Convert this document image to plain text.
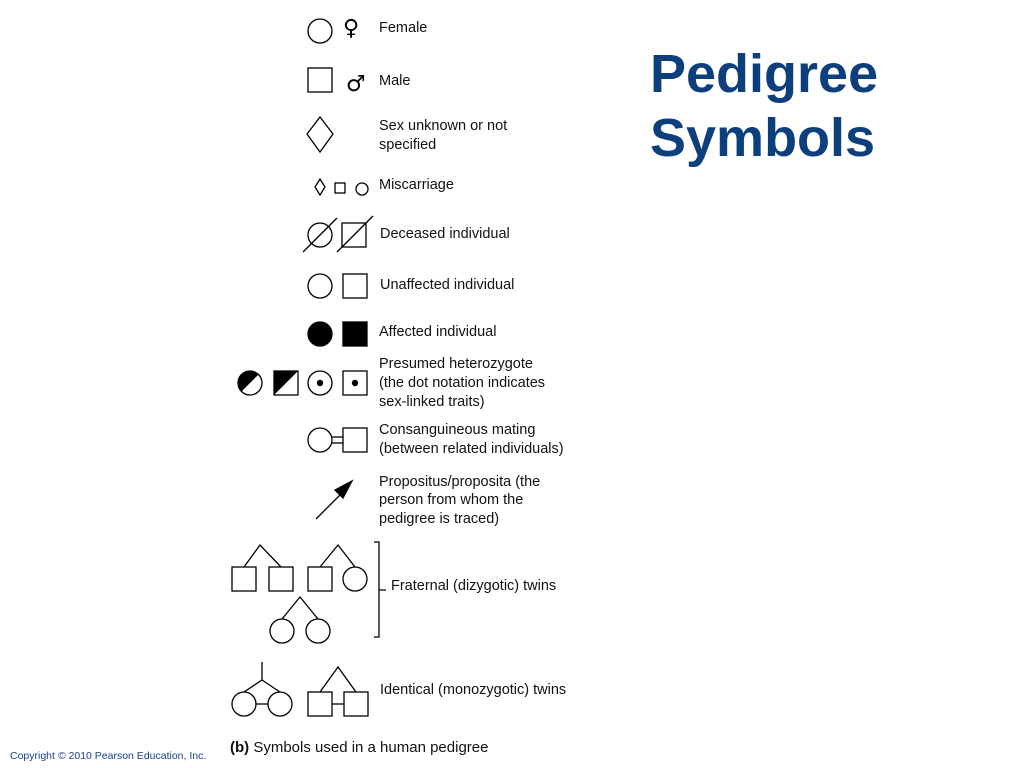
♀
♂
Female
Male
Sex unknown or not
specified
Miscarriage
Deceased individual
Unaffected individual
Affected individual
Presumed heterozygote
(the dot notation indicates
sex-linked traits)
Consanguineous mating
(between related individuals)
Propositus/proposita (the
person from whom the
pedigree is traced)
Fraternal (dizygotic) twins
Identical (monozygotic) twins
Pedigree
Symbols
(b) Symbols used in a human pedigree
Copyright © 2010 Pearson Education, Inc.
